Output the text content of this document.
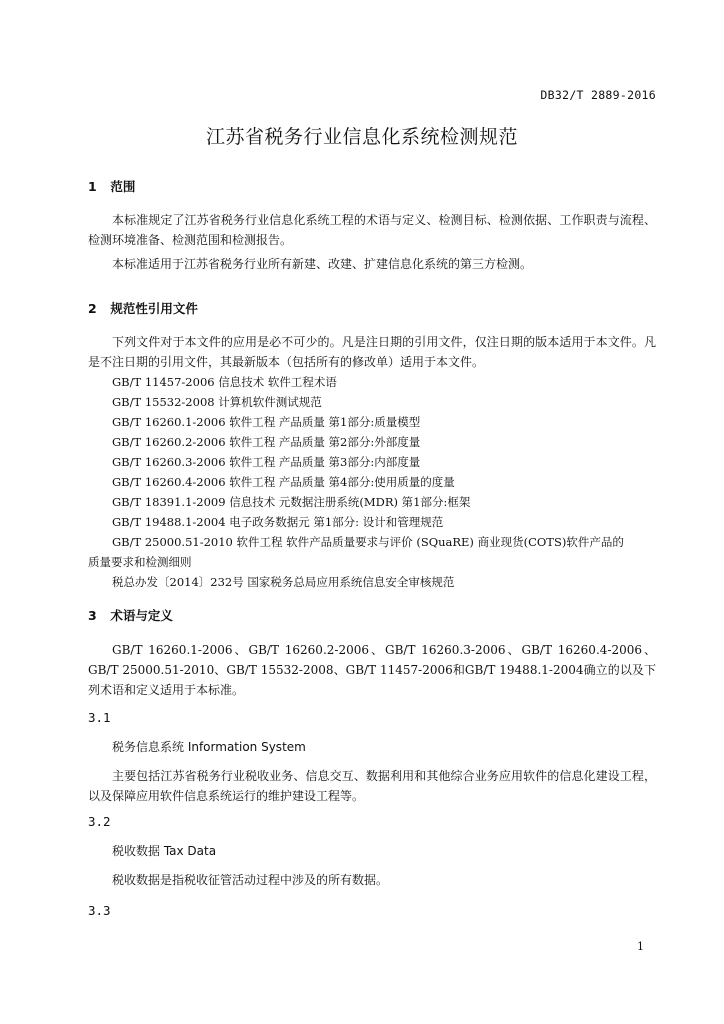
DB32/T 2889-2016
江苏省税务行业信息化系统检测规范
1 范围
本标准规定了江苏省税务行业信息化系统工程的术语与定义、检测目标、检测依据、工作职责与流程、检测环境准备、检测范围和检测报告。
本标准适用于江苏省税务行业所有新建、改建、扩建信息化系统的第三方检测。
2 规范性引用文件
下列文件对于本文件的应用是必不可少的。凡是注日期的引用文件，仅注日期的版本适用于本文件。凡是不注日期的引用文件，其最新版本（包括所有的修改单）适用于本文件。
GB/T 11457-2006 信息技术 软件工程术语
GB/T 15532-2008 计算机软件测试规范
GB/T 16260.1-2006 软件工程 产品质量 第1部分:质量模型
GB/T 16260.2-2006 软件工程 产品质量 第2部分:外部度量
GB/T 16260.3-2006 软件工程 产品质量 第3部分:内部度量
GB/T 16260.4-2006 软件工程 产品质量 第4部分:使用质量的度量
GB/T 18391.1-2009 信息技术 元数据注册系统(MDR) 第1部分:框架
GB/T 19488.1-2004 电子政务数据元 第1部分: 设计和管理规范
GB/T 25000.51-2010 软件工程 软件产品质量要求与评价 (SQuaRE) 商业现货(COTS)软件产品的
质量要求和检测细则
税总办发〔2014〕232号 国家税务总局应用系统信息安全审核规范
3 术语与定义
GB/T 16260.1-2006、GB/T 16260.2-2006、GB/T 16260.3-2006、GB/T 16260.4-2006、GB/T 25000.51-2010、GB/T 15532-2008、GB/T 11457-2006和GB/T 19488.1-2004确立的以及下列术语和定义适用于本标准。
3.1
税务信息系统 Information System
主要包括江苏省税务行业税收业务、信息交互、数据利用和其他综合业务应用软件的信息化建设工程，以及保障应用软件信息系统运行的维护建设工程等。
3.2
税收数据 Tax Data
税收数据是指税收征管活动过程中涉及的所有数据。
3.3
1
